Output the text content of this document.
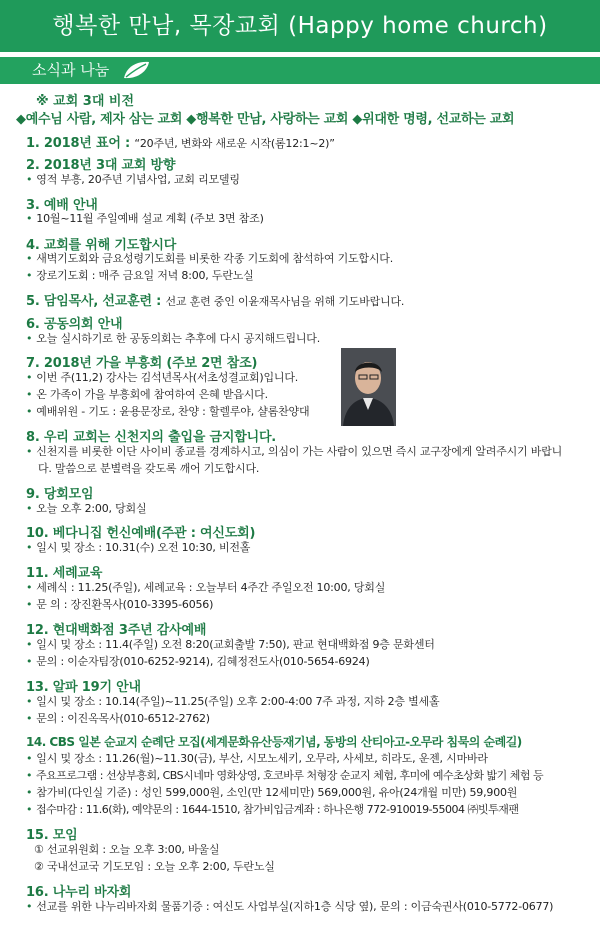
행복한 만남, 목장교회 (Happy home church)
소식과 나눔
※ 교회 3대 비전
◆예수님 사람, 제자 삼는 교회 ◆행복한 만남, 사랑하는 교회 ◆위대한 명령, 선교하는 교회
1. 2018년 표어 : “20주년, 변화와 새로운 시작(롬12:1~2)”
2. 2018년 3대 교회 방향
• 영적 부흥, 20주년 기념사업, 교회 리모델링
3. 예배 안내
• 10월~11월 주일예배 설교 계획 (주보 3면 참조)
4. 교회를 위해 기도합시다
• 새벽기도회와 금요성령기도회를 비롯한 각종 기도회에 참석하여 기도합시다.
• 장로기도회 : 매주 금요일 저녁 8:00, 두란노실
5. 담임목사, 선교훈련 : 선교 훈련 중인 이윤재목사님을 위해 기도바랍니다.
6. 공동의회 안내
• 오늘 실시하기로 한 공동의회는 추후에 다시 공지해드립니다.
7. 2018년 가을 부흥회 (주보 2면 참조)
• 이번 주(11,2) 강사는 김석년목사(서초성결교회)입니다.
• 온 가족이 가을 부흥회에 참여하여 은혜 받읍시다.
• 예배위원 - 기도 : 윤용문장로, 찬양 : 할렐루야, 샬롬찬양대
8. 우리 교회는 신천지의 출입을 금지합니다.
• 신천지를 비롯한 이단 사이비 종교를 경계하시고, 의심이 가는 사람이 있으면 즉시 교구장에게 알려주시기 바랍니
다. 말씀으로 분별력을 갖도록 깨어 기도합시다.
9. 당회모임
• 오늘 오후 2:00, 당회실
10. 베다니집 헌신예배(주관 : 여신도회)
• 일시 및 장소 : 10.31(수) 오전 10:30, 비전홀
11. 세례교육
• 세례식 : 11.25(주일), 세례교육 : 오늘부터 4주간 주일오전 10:00, 당회실
• 문 의 : 장진환목사(010-3395-6056)
12. 현대백화점 3주년 감사예배
• 일시 및 장소 : 11.4(주일) 오전 8:20(교회출발 7:50), 판교 현대백화점 9층 문화센터
• 문의 : 이순자팀장(010-6252-9214), 김혜정전도사(010-5654-6924)
13. 알파 19기 안내
• 일시 및 장소 : 10.14(주일)~11.25(주일) 오후 2:00-4:00 7주 과정, 지하 2층 별세홀
• 문의 : 이진옥목사(010-6512-2762)
14. CBS 일본 순교지 순례단 모집(세계문화유산등재기념, 동방의 산티아고-오무라 침묵의 순례길)
• 일시 및 장소 : 11.26(월)~11.30(금), 부산, 시모노세키, 오무라, 사세보, 히라도, 운젠, 시마바라
• 주요프로그램 : 선상부흥회, CBS시네마 영화상영, 호코바루 처형장 순교지 체험, 후미에 예수초상화 밟기 체험 등
• 참가비(다인실 기준) : 성인 599,000원, 소인(만 12세미만) 569,000원, 유아(24개월 미만) 59,900원
• 접수마감 : 11.6(화), 예약문의 : 1644-1510, 참가비입금계좌 : 하나은행 772-910019-55004 ㈜빗투재팬
15. 모임
① 선교위원회 : 오늘 오후 3:00, 바울실
② 국내선교국 기도모임 : 오늘 오후 2:00, 두란노실
16. 나누리 바자회
• 선교를 위한 나누리바자회 물품기증 : 여신도 사업부실(지하1층 식당 옆), 문의 : 이금숙권사(010-5772-0677)
